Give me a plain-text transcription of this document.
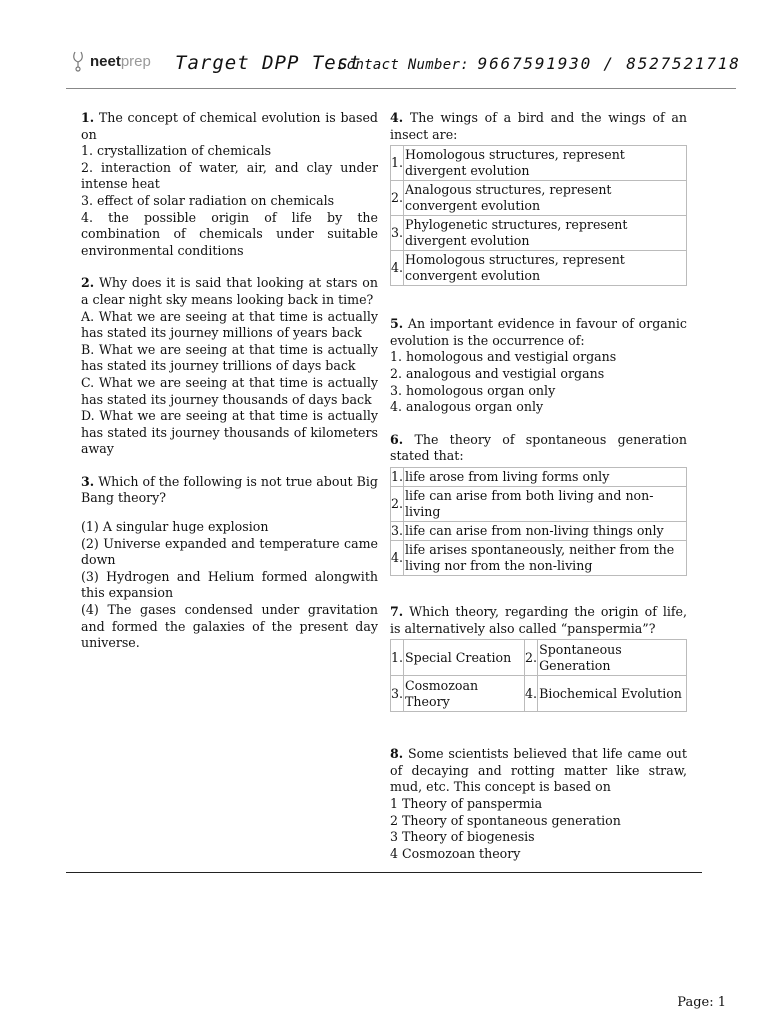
neet prep Target DPP Test
Contact Number: 9667591930 / 8527521718

1. The concept of chemical evolution is based on

1. crystallization of chemicals

2. interaction of water, air, and clay under intense heat

3. effect of solar radiation on chemicals

4. the possible origin of life by the combination of chemicals under suitable environmental conditions

2. Why does it is said that looking at stars on a clear night sky means looking back in time?

A. What we are seeing at that time is actually has stated its journey millions of years back

B. What we are seeing at that time is actually has stated its journey trillions of days back

C. What we are seeing at that time is actually has stated its journey thousands of days back

D. What we are seeing at that time is actually has stated its journey thousands of kilometers away

3. Which of the following is not true about Big Bang theory?

(1) A singular huge explosion

(2) Universe expanded and temperature came down

(3) Hydrogen and Helium formed alongwith this expansion

(4) The gases condensed under gravitation and formed the galaxies of the present day universe.

4. The wings of a bird and the wings of an insect are:

1.	Homologous structures, represent divergent evolution
2.	Analogous structures, represent convergent evolution
3.	Phylogenetic structures, represent divergent evolution
4.	Homologous structures, represent convergent evolution

5. An important evidence in favour of organic evolution is the occurrence of:

1. homologous and vestigial organs

2. analogous and vestigial organs

3. homologous organ only

4. analogous organ only

6. The theory of spontaneous generation stated that:

1.	life arose from living forms only
2.	life can arise from both living and non-living
3.	life can arise from non-living things only
4.	life arises spontaneously, neither from the living nor from the non-living

7. Which theory, regarding the origin of life, is alternatively also called “panspermia”?

1.	Special Creation	2.	Spontaneous Generation
3.	Cosmozoan Theory	4.	Biochemical Evolution

8. Some scientists believed that life came out of decaying and rotting matter like straw, mud, etc. This concept is based on

1 Theory of panspermia

2 Theory of spontaneous generation

3 Theory of biogenesis

4 Cosmozoan theory

Page: 1
